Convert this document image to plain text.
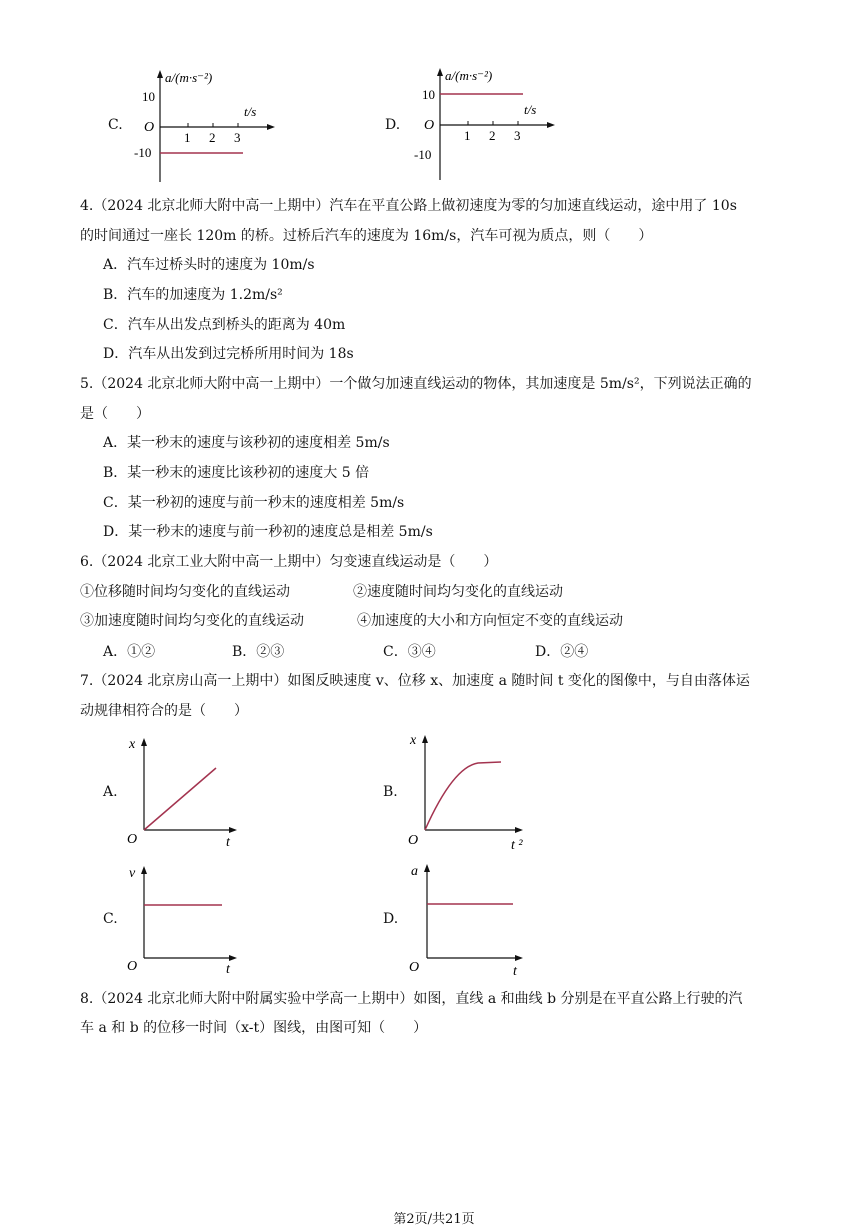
C.
a/(m·s⁻²)
t/s
O
10
-10
1 2 3
D.
a/(m·s⁻²)
t/s
O
10
-10
1 2 3
4.（2024 北京北师大附中高一上期中）汽车在平直公路上做初速度为零的匀加速直线运动，途中用了 10s
的时间通过一座长 120m 的桥。过桥后汽车的速度为 16m/s，汽车可视为质点，则（　　）
A．汽车过桥头时的速度为 10m/s
B．汽车的加速度为 1.2m/s²
C．汽车从出发点到桥头的距离为 40m
D．汽车从出发到过完桥所用时间为 18s
5.（2024 北京北师大附中高一上期中）一个做匀加速直线运动的物体，其加速度是 5m/s²，下列说法正确的
是（　　）
A．某一秒末的速度与该秒初的速度相差 5m/s
B．某一秒末的速度比该秒初的速度大 5 倍
C．某一秒初的速度与前一秒末的速度相差 5m/s
D．某一秒末的速度与前一秒初的速度总是相差 5m/s
6.（2024 北京工业大附中高一上期中）匀变速直线运动是（　　）
①位移随时间均匀变化的直线运动	②速度随时间均匀变化的直线运动
③加速度随时间均匀变化的直线运动	④加速度的大小和方向恒定不变的直线运动
A．①②	B．②③	C．③④	D．②④
7.（2024 北京房山高一上期中）如图反映速度 v、位移 x、加速度 a 随时间 t 变化的图像中，与自由落体运
动规律相符合的是（　　）
A.
x
t
O
B.
x
t ²
O
C.
v
t
O
D.
a
t
O
8.（2024 北京北师大附中附属实验中学高一上期中）如图，直线 a 和曲线 b 分别是在平直公路上行驶的汽
车 a 和 b 的位移一时间（x-t）图线，由图可知（　　）
第2页/共21页
